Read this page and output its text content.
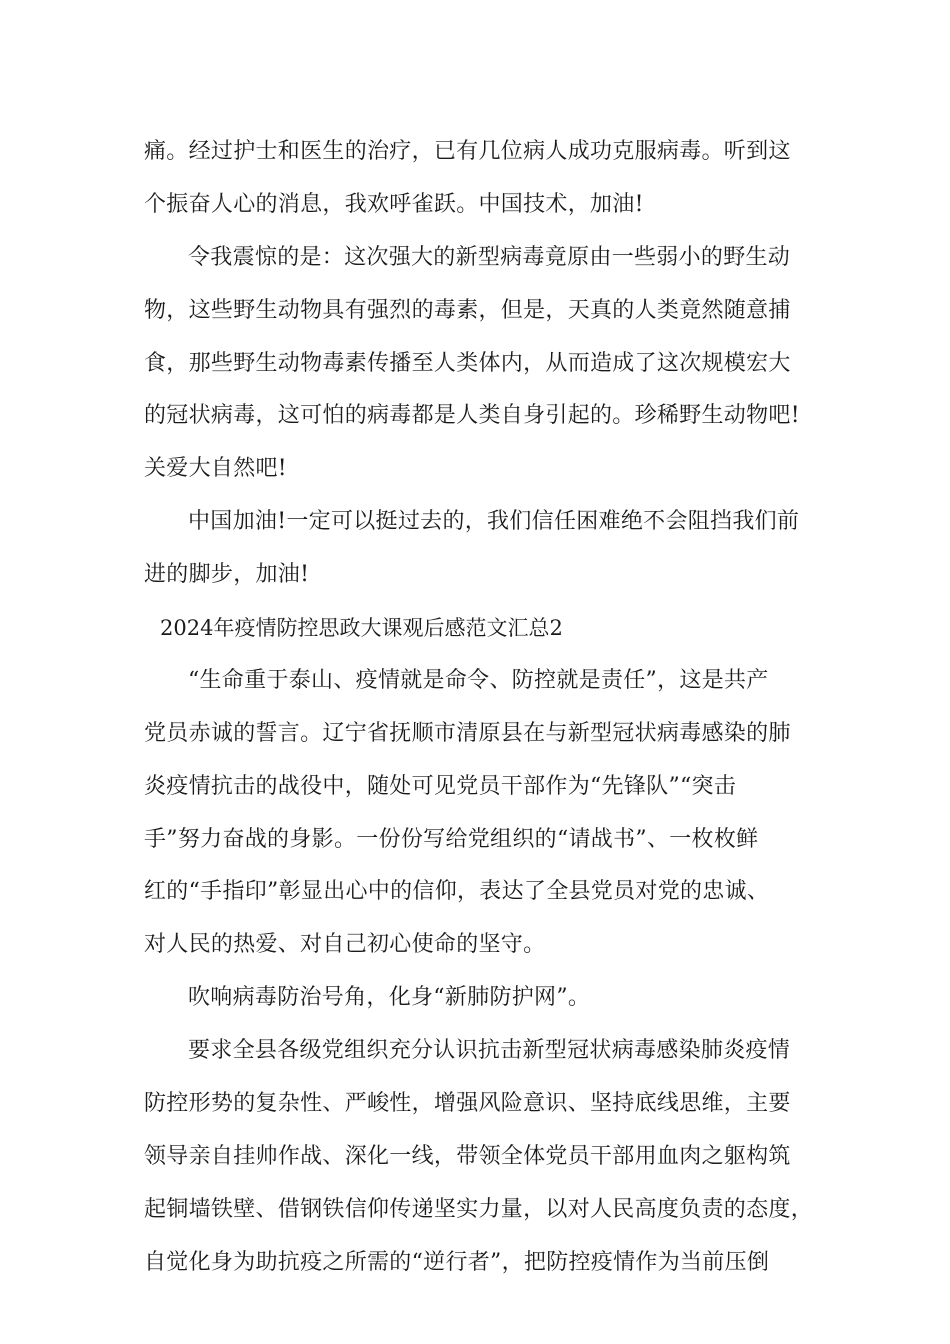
痛。经过护士和医生的治疗，已有几位病人成功克服病毒。听到这
个振奋人心的消息，我欢呼雀跃。中国技术，加油!
令我震惊的是：这次强大的新型病毒竟原由一些弱小的野生动
物，这些野生动物具有强烈的毒素，但是，天真的人类竟然随意捕
食，那些野生动物毒素传播至人类体内，从而造成了这次规模宏大
的冠状病毒，这可怕的病毒都是人类自身引起的。珍稀野生动物吧!
关爱大自然吧!
中国加油!一定可以挺过去的，我们信任困难绝不会阻挡我们前
进的脚步，加油!
2024年疫情防控思政大课观后感范文汇总2
“生命重于泰山、疫情就是命令、防控就是责任”，这是共产
党员赤诚的誓言。辽宁省抚顺市清原县在与新型冠状病毒感染的肺
炎疫情抗击的战役中，随处可见党员干部作为“先锋队”“突击
手”努力奋战的身影。一份份写给党组织的“请战书”、一枚枚鲜
红的“手指印”彰显出心中的信仰，表达了全县党员对党的忠诚、
对人民的热爱、对自己初心使命的坚守。
吹响病毒防治号角，化身“新肺防护网”。
要求全县各级党组织充分认识抗击新型冠状病毒感染肺炎疫情
防控形势的复杂性、严峻性，增强风险意识、坚持底线思维，主要
领导亲自挂帅作战、深化一线，带领全体党员干部用血肉之躯构筑
起铜墙铁壁、借钢铁信仰传递坚实力量，以对人民高度负责的态度，
自觉化身为助抗疫之所需的“逆行者”，把防控疫情作为当前压倒
